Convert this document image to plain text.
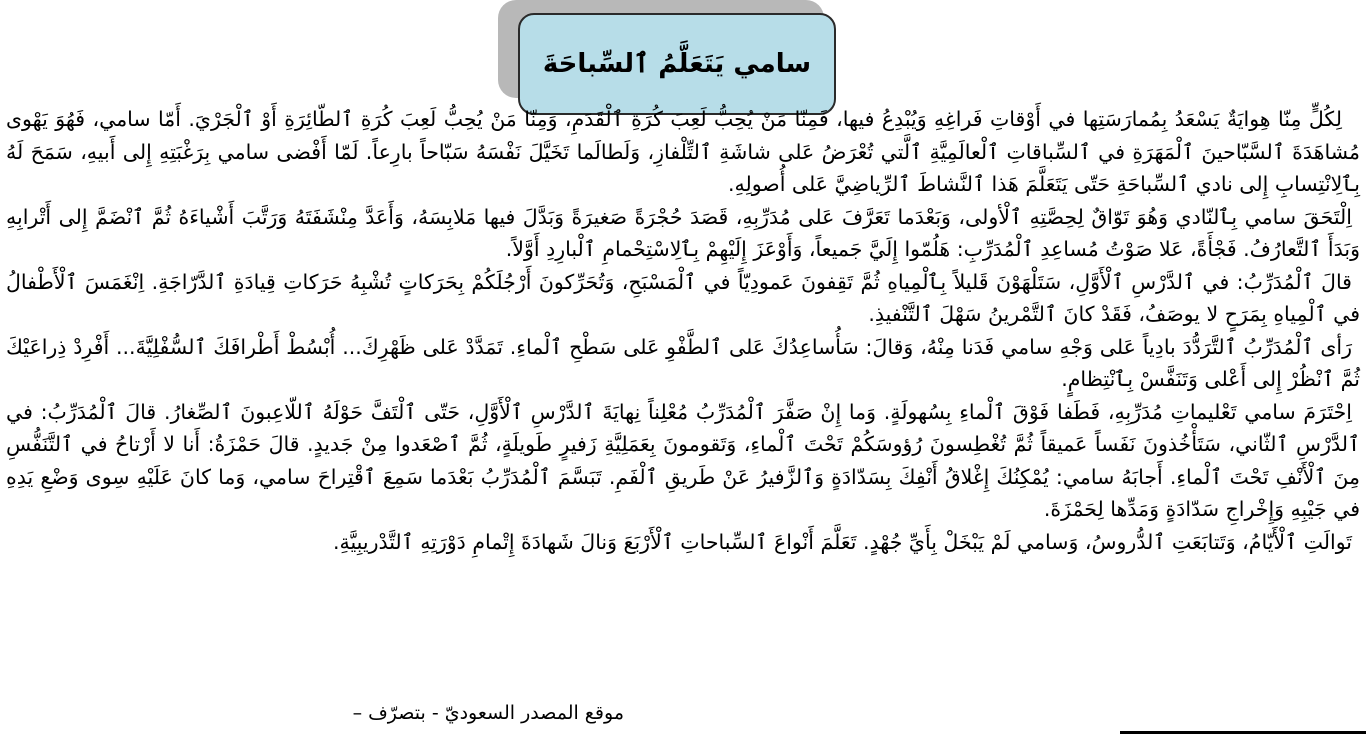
سامي يَتَعَلَّمُ ٱلسِّباحَةَ

لِكُلٍّ مِنّا هِوايَةٌ يَسْعَدُ بِمُمارَسَتِها في أَوْقاتِ فَراغِهِ وَيُبْدِعُ فيها، فَمِنّا مَنْ يُحِبُّ لَعِبَ كُرَةِ ٱلْقَدَمِ، وَمِنّا مَنْ يُحِبُّ لَعِبَ كُرَةِ ٱلطّائِرَةِ أَوْ ٱلْجَرْيَ. أَمّا سامي، فَهُوَ يَهْوى مُشاهَدَةَ ٱلسَّبّاحينَ ٱلْمَهَرَةِ في ٱلسِّباقاتِ ٱلْعالَمِيَّةِ ٱلَّتي تُعْرَضُ عَلى شاشَةِ ٱلتِّلْفازِ، وَلَطالَما تَخَيَّلَ نَفْسَهُ سَبّاحاً بارِعاً. لَمّا أَفْضى سامي بِرَغْبَتِهِ إِلى أَبيهِ، سَمَحَ لَهُ بِٱلِانْتِسابِ إِلى نادي ٱلسِّباحَةِ حَتّى يَتَعَلَّمَ هَذا ٱلنَّشاطَ ٱلرِّياضِيَّ عَلى أُصولِهِ.

اِلْتَحَقَ سامي بِٱلنّادي وَهُوَ تَوّاقٌ لِحِصَّتِهِ ٱلْأولى، وَبَعْدَما تَعَرَّفَ عَلى مُدَرِّبِهِ، قَصَدَ حُجْرَةً صَغيرَةً وَبَدَّلَ فيها مَلابِسَهُ، وَأَعَدَّ مِنْشَفَتَهُ وَرَتَّبَ أَشْياءَهُ ثُمَّ ٱنْضَمَّ إِلى أَتْرابِهِ وَبَدَأَ ٱلتَّعارُفُ. فَجْأَةً، عَلا صَوْتُ مُساعِدِ ٱلْمُدَرِّبِ: هَلُمّوا إِلَيَّ جَميعاً، وَأَوْعَزَ إِلَيْهِمْ بِٱلِاسْتِحْمامِ ٱلْبارِدِ أَوَّلاً.

قالَ ٱلْمُدَرِّبُ: في ٱلدَّرْسِ ٱلْأَوَّلِ، سَتَلْهَوْنَ قَليلاً بِٱلْمِياهِ ثُمَّ تَقِفونَ عَمودِيّاً في ٱلْمَسْبَحِ، وَتُحَرِّكونَ أَرْجُلَكُمْ بِحَرَكاتٍ تُشْبِهُ حَرَكاتِ قِيادَةِ ٱلدَّرّاجَةِ. اِنْغَمَسَ ٱلْأَطْفالُ في ٱلْمِياهِ بِمَرَحٍ لا يوصَفُ، فَقَدْ كانَ ٱلتَّمْرينُ سَهْلَ ٱلتَّنْفيذِ.

رَأى ٱلْمُدَرِّبُ ٱلتَّرَدُّدَ بادِياً عَلى وَجْهِ سامي فَدَنا مِنْهُ، وَقالَ: سَأُساعِدُكَ عَلى ٱلطَّفْوِ عَلى سَطْحِ ٱلْماءِ. تَمَدَّدْ عَلى ظَهْرِكَ... أُبْسُطْ أَطْرافَكَ ٱلسُّفْلِيَّةَ... أَفْرِدْ ذِراعَيْكَ ثُمَّ ٱنْظُرْ إِلى أَعْلى وَتَنَفَّسْ بِٱنْتِظامٍ.

اِحْتَرَمَ سامي تَعْليماتِ مُدَرِّبِهِ، فَطَفا فَوْقَ ٱلْماءِ بِسُهولَةٍ. وَما إِنْ صَفَّرَ ٱلْمُدَرِّبُ مُعْلِناً نِهايَةَ ٱلدَّرْسِ ٱلْأَوَّلِ، حَتّى ٱلْتَفَّ حَوْلَهُ ٱللّاعِبونَ ٱلصِّغارُ. قالَ ٱلْمُدَرِّبُ: في ٱلدَّرْسِ ٱلثّاني، سَتَأْخُذونَ نَفَساً عَميقاً ثُمَّ تُغْطِسونَ رُؤوسَكُمْ تَحْتَ ٱلْماءِ، وَتَقومونَ بِعَمَلِيَّةِ زَفيرٍ طَويلَةٍ، ثُمَّ ٱصْعَدوا مِنْ جَديدٍ. قالَ حَمْزَةُ: أَنا لا أَرْتاحُ في ٱلتَّنَفُّسِ مِنَ ٱلْأَنْفِ تَحْتَ ٱلْماءِ. أَجابَهُ سامي: يُمْكِنُكَ إِغْلاقُ أَنْفِكَ بِسَدّادَةٍ وَٱلزَّفيرُ عَنْ طَريقِ ٱلْفَمِ. تَبَسَّمَ ٱلْمُدَرِّبُ بَعْدَما سَمِعَ ٱقْتِراحَ سامي، وَما كانَ عَلَيْهِ سِوى وَضْعِ يَدِهِ في جَيْبِهِ وَإِخْراجِ سَدّادَةٍ وَمَدِّها لِحَمْزَةَ.

تَوالَتِ ٱلْأَيّامُ، وَتَتابَعَتِ ٱلدُّروسُ، وَسامي لَمْ يَبْخَلْ بِأَيِّ جُهْدٍ. تَعَلَّمَ أَنْواعَ ٱلسِّباحاتِ ٱلْأَرْبَعَ وَنالَ شَهادَةَ إِتْمامِ دَوْرَتِهِ ٱلتَّدْريبِيَّةِ.

موقع المصدر السعوديّ - بتصرّف –
